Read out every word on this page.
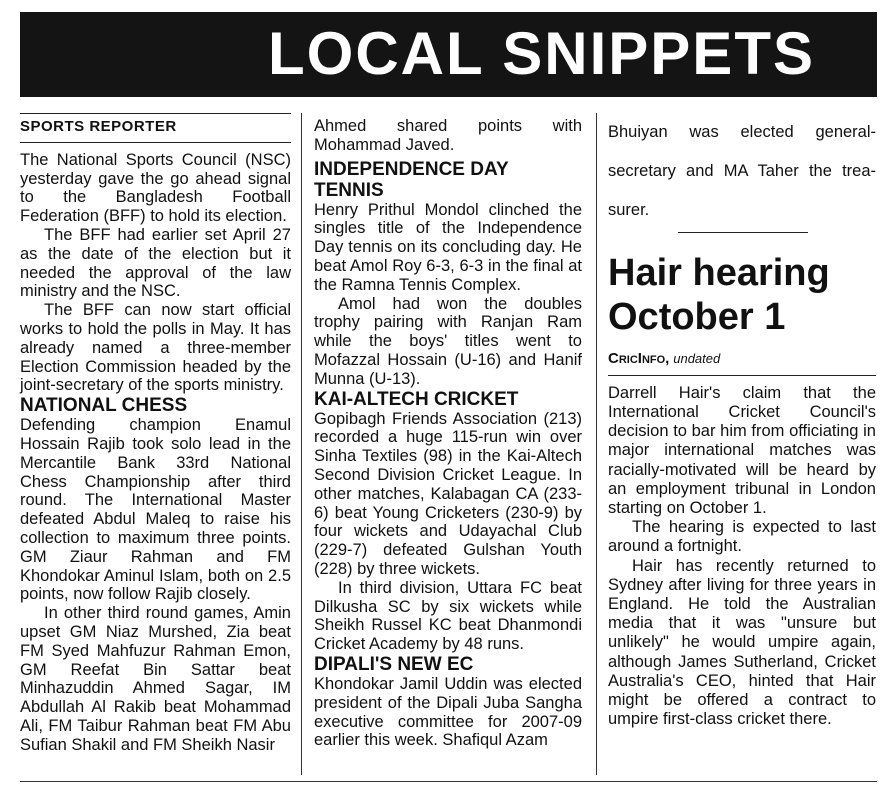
LOCAL SNIPPETS
SPORTS REPORTER

The National Sports Council (NSC) yesterday gave the go ahead signal to the Bangladesh Football Federation (BFF) to hold its election.

The BFF had earlier set April 27 as the date of the election but it needed the approval of the law ministry and the NSC.

The BFF can now start official works to hold the polls in May. It has already named a three-member Election Commission headed by the joint-secretary of the sports ministry.

NATIONAL CHESS

Defending champion Enamul Hossain Rajib took solo lead in the Mercantile Bank 33rd National Chess Championship after third round. The International Master defeated Abdul Maleq to raise his collection to maximum three points. GM Ziaur Rahman and FM Khondokar Aminul Islam, both on 2.5 points, now follow Rajib closely.

In other third round games, Amin upset GM Niaz Murshed, Zia beat FM Syed Mahfuzur Rahman Emon, GM Reefat Bin Sattar beat Minhazuddin Ahmed Sagar, IM Abdullah Al Rakib beat Mohammad Ali, FM Taibur Rahman beat FM Abu Sufian Shakil and FM Sheikh Nasir

Ahmed shared points with Mohammad Javed.

INDEPENDENCE DAY TENNIS

Henry Prithul Mondol clinched the singles title of the Independence Day tennis on its concluding day. He beat Amol Roy 6-3, 6-3 in the final at the Ramna Tennis Complex.

Amol had won the doubles trophy pairing with Ranjan Ram while the boys' titles went to Mofazzal Hossain (U-16) and Hanif Munna (U-13).

KAI-ALTECH CRICKET

Gopibagh Friends Association (213) recorded a huge 115-run win over Sinha Textiles (98) in the Kai-Altech Second Division Cricket League. In other matches, Kalabagan CA (233-6) beat Young Cricketers (230-9) by four wickets and Udayachal Club (229-7) defeated Gulshan Youth (228) by three wickets.

In third division, Uttara FC beat Dilkusha SC by six wickets while Sheikh Russel KC beat Dhanmondi Cricket Academy by 48 runs.

DIPALI'S NEW EC

Khondokar Jamil Uddin was elected president of the Dipali Juba Sangha executive committee for 2007-09 earlier this week. Shafiqul Azam

Bhuiyan was elected general-secretary and MA Taher the trea-surer.

Hair hearing October 1
CricInfo, undated

Darrell Hair's claim that the International Cricket Council's decision to bar him from officiating in major international matches was racially-motivated will be heard by an employment tribunal in London starting on October 1.

The hearing is expected to last around a fortnight.

Hair has recently returned to Sydney after living for three years in England. He told the Australian media that it was "unsure but unlikely" he would umpire again, although James Sutherland, Cricket Australia's CEO, hinted that Hair might be offered a contract to umpire first-class cricket there.
